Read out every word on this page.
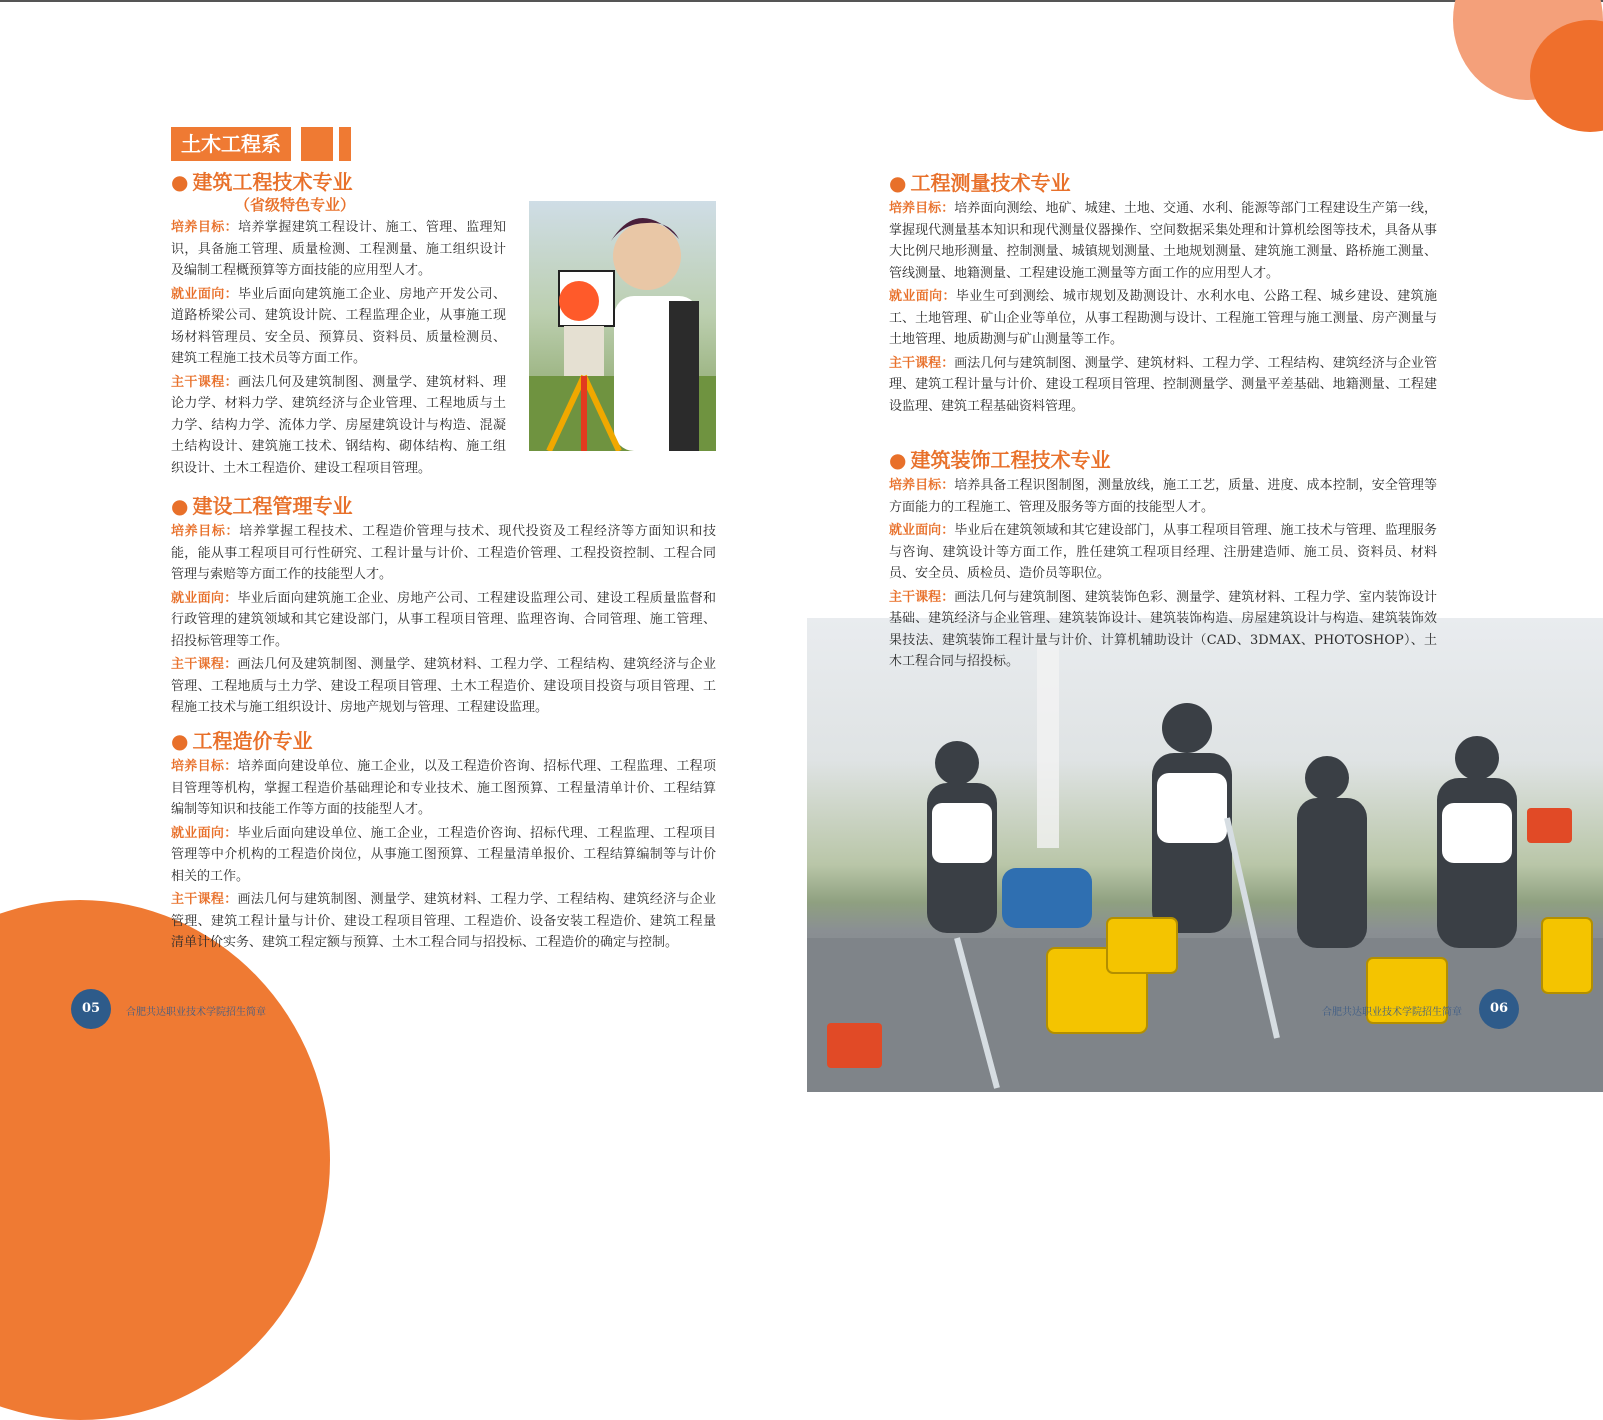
土木工程系
● 建筑工程技术专业
（省级特色专业）

培养目标：培养掌握建筑工程设计、施工、管理、监理知识，具备施工管理、质量检测、工程测量、施工组织设计及编制工程概预算等方面技能的应用型人才。

就业面向：毕业后面向建筑施工企业、房地产开发公司、道路桥梁公司、建筑设计院、工程监理企业，从事施工现场材料管理员、安全员、预算员、资料员、质量检测员、建筑工程施工技术员等方面工作。

主干课程：画法几何及建筑制图、测量学、建筑材料、理论力学、材料力学、建筑经济与企业管理、工程地质与土力学、结构力学、流体力学、房屋建筑设计与构造、混凝土结构设计、建筑施工技术、钢结构、砌体结构、施工组织设计、土木工程造价、建设工程项目管理。

● 建设工程管理专业

培养目标：培养掌握工程技术、工程造价管理与技术、现代投资及工程经济等方面知识和技能，能从事工程项目可行性研究、工程计量与计价、工程造价管理、工程投资控制、工程合同管理与索赔等方面工作的技能型人才。

就业面向：毕业后面向建筑施工企业、房地产公司、工程建设监理公司、建设工程质量监督和行政管理的建筑领域和其它建设部门，从事工程项目管理、监理咨询、合同管理、施工管理、招投标管理等工作。

主干课程：画法几何及建筑制图、测量学、建筑材料、工程力学、工程结构、建筑经济与企业管理、工程地质与土力学、建设工程项目管理、土木工程造价、建设项目投资与项目管理、工程施工技术与施工组织设计、房地产规划与管理、工程建设监理。

● 工程造价专业

培养目标：培养面向建设单位、施工企业，以及工程造价咨询、招标代理、工程监理、工程项目管理等机构，掌握工程造价基础理论和专业技术、施工图预算、工程量清单计价、工程结算编制等知识和技能工作等方面的技能型人才。

就业面向：毕业后面向建设单位、施工企业，工程造价咨询、招标代理、工程监理、工程项目管理等中介机构的工程造价岗位，从事施工图预算、工程量清单报价、工程结算编制等与计价相关的工作。

主干课程：画法几何与建筑制图、测量学、建筑材料、工程力学、工程结构、建筑经济与企业管理、建筑工程计量与计价、建设工程项目管理、工程造价、设备安装工程造价、建筑工程量清单计价实务、建筑工程定额与预算、土木工程合同与招投标、工程造价的确定与控制。

● 工程测量技术专业

培养目标：培养面向测绘、地矿、城建、土地、交通、水利、能源等部门工程建设生产第一线，掌握现代测量基本知识和现代测量仪器操作、空间数据采集处理和计算机绘图等技术，具备从事大比例尺地形测量、控制测量、城镇规划测量、土地规划测量、建筑施工测量、路桥施工测量、管线测量、地籍测量、工程建设施工测量等方面工作的应用型人才。

就业面向：毕业生可到测绘、城市规划及勘测设计、水利水电、公路工程、城乡建设、建筑施工、土地管理、矿山企业等单位，从事工程勘测与设计、工程施工管理与施工测量、房产测量与土地管理、地质勘测与矿山测量等工作。

主干课程：画法几何与建筑制图、测量学、建筑材料、工程力学、工程结构、建筑经济与企业管理、建筑工程计量与计价、建设工程项目管理、控制测量学、测量平差基础、地籍测量、工程建设监理、建筑工程基础资料管理。

● 建筑装饰工程技术专业

培养目标：培养具备工程识图制图，测量放线，施工工艺，质量、进度、成本控制，安全管理等方面能力的工程施工、管理及服务等方面的技能型人才。

就业面向：毕业后在建筑领域和其它建设部门，从事工程项目管理、施工技术与管理、监理服务与咨询、建筑设计等方面工作，胜任建筑工程项目经理、注册建造师、施工员、资料员、材料员、安全员、质检员、造价员等职位。

主干课程：画法几何与建筑制图、建筑装饰色彩、测量学、建筑材料、工程力学、室内装饰设计基础、建筑经济与企业管理、建筑装饰设计、建筑装饰构造、房屋建筑设计与构造、建筑装饰效果技法、建筑装饰工程计量与计价、计算机辅助设计（CAD、3DMAX、PHOTOSHOP）、土木工程合同与招投标。

05	合肥共达职业技术学院招生简章	合肥共达职业技术学院招生简章	06
